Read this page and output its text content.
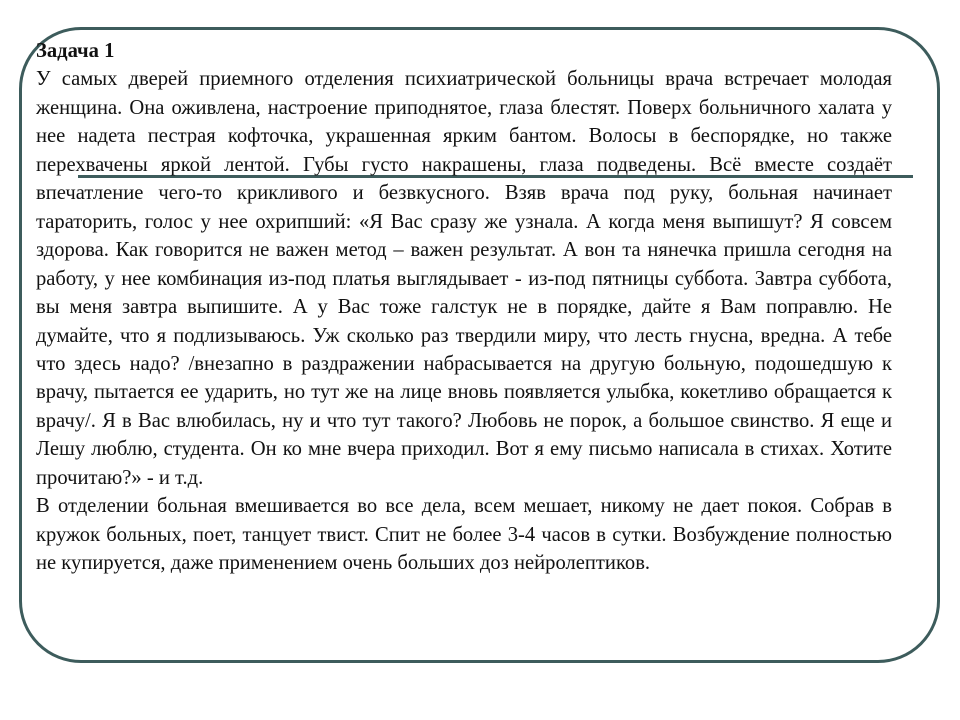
Задача 1

У самых дверей приемного отделения психиатрической больницы врача встречает молодая женщина. Она оживлена, настроение приподнятое, глаза блестят. Поверх больничного халата у нее надета пестрая кофточка, украшенная ярким бантом. Волосы в беспорядке, но также перехвачены яркой лентой. Губы густо накрашены, глаза подведены. Всё вместе создаёт впечатление чего-то крикливого и безвкусного. Взяв врача под руку, больная начинает тараторить, голос у нее охрипший: «Я Вас сразу же узнала. А когда меня выпишут? Я совсем здорова. Как говорится не важен метод – важен результат. А вон та нянечка пришла сегодня на работу, у нее комбинация из-под платья выглядывает - из-под пятницы суббота. Завтра суббота, вы меня завтра выпишите. А у Вас тоже галстук не в порядке, дайте я Вам поправлю. Не думайте, что я подлизываюсь. Уж сколько раз твердили миру, что лесть гнусна, вредна. А тебе что здесь надо? /внезапно в раздражении набрасывается на другую больную, подошедшую к врачу, пытается ее ударить, но тут же на лице вновь появляется улыбка, кокетливо обращается к врачу/. Я в Вас влюбилась, ну и что тут такого? Любовь не порок, а большое свинство. Я еще и Лешу люблю, студента. Он ко мне вчера приходил. Вот я ему письмо написала в стихах. Хотите прочитаю?» - и т.д.

В отделении больная вмешивается во все дела, всем мешает, никому не дает покоя. Собрав в кружок больных, поет, танцует твист. Спит не более 3-4 часов в сутки. Возбуждение полностью не купируется, даже применением очень больших доз нейролептиков.
